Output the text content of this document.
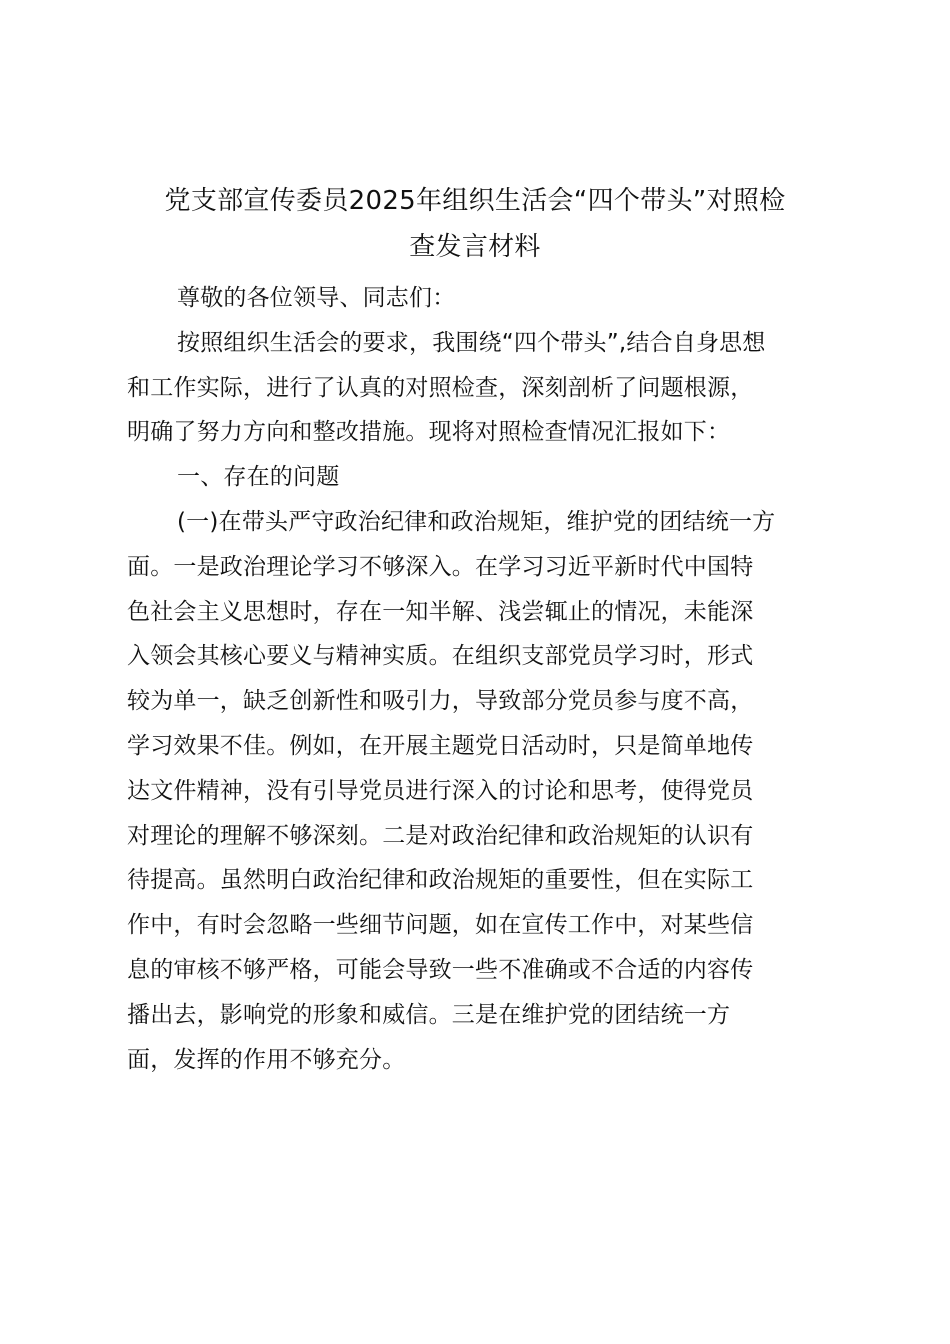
党支部宣传委员2025年组织生活会“四个带头”对照检
查发言材料
尊敬的各位领导、同志们：
按照组织生活会的要求，我围绕“四个带头”,结合自身思想
和工作实际，进行了认真的对照检查，深刻剖析了问题根源，
明确了努力方向和整改措施。现将对照检查情况汇报如下：
一、存在的问题
(一)在带头严守政治纪律和政治规矩，维护党的团结统一方
面。一是政治理论学习不够深入。在学习习近平新时代中国特
色社会主义思想时，存在一知半解、浅尝辄止的情况，未能深
入领会其核心要义与精神实质。在组织支部党员学习时，形式
较为单一，缺乏创新性和吸引力，导致部分党员参与度不高，
学习效果不佳。例如，在开展主题党日活动时，只是简单地传
达文件精神，没有引导党员进行深入的讨论和思考，使得党员
对理论的理解不够深刻。二是对政治纪律和政治规矩的认识有
待提高。虽然明白政治纪律和政治规矩的重要性，但在实际工
作中，有时会忽略一些细节问题，如在宣传工作中，对某些信
息的审核不够严格，可能会导致一些不准确或不合适的内容传
播出去，影响党的形象和威信。三是在维护党的团结统一方
面，发挥的作用不够充分。
